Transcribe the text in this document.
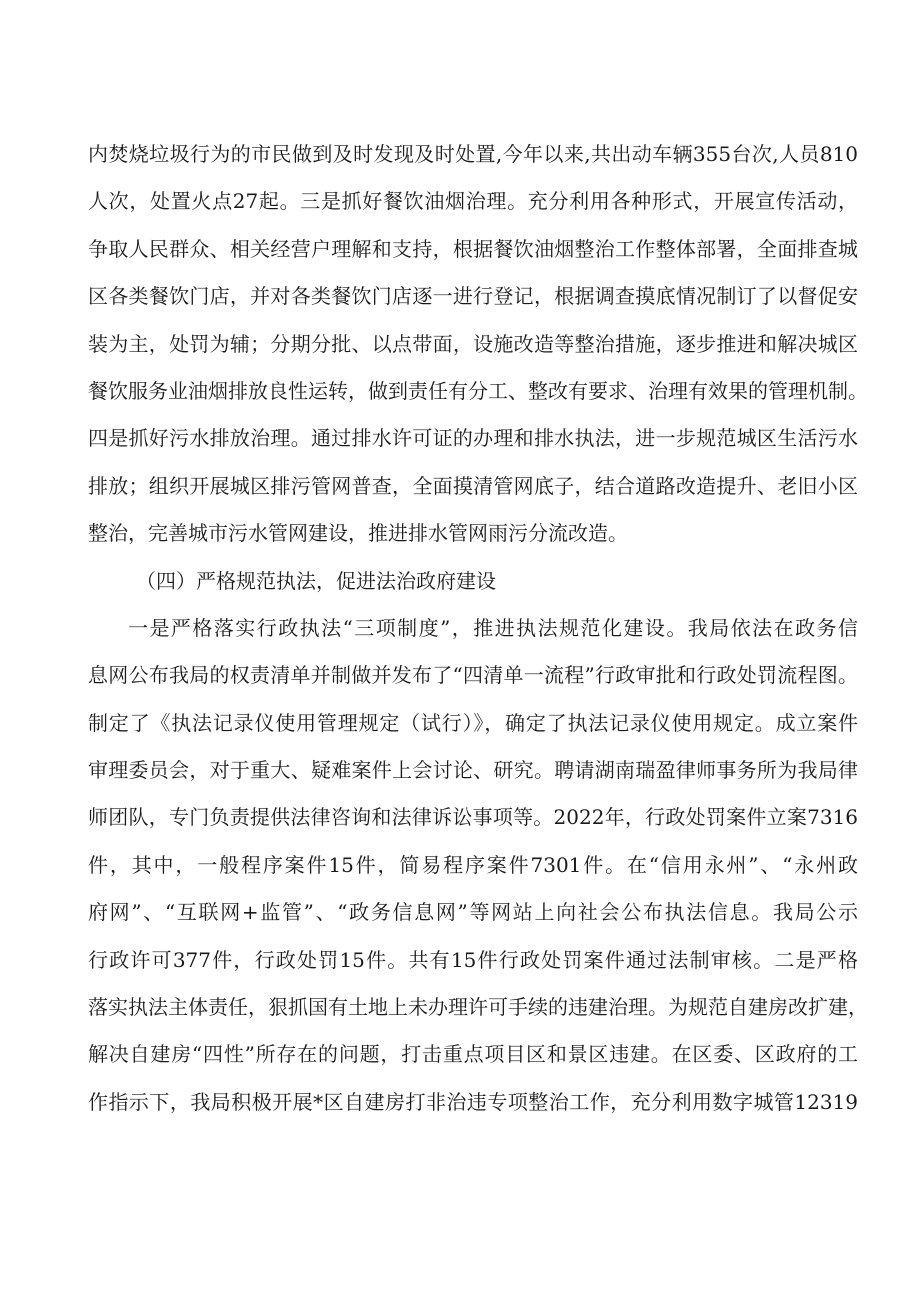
内焚烧垃圾行为的市民做到及时发现及时处置,今年以来,共出动车辆355台次,人员810
人次，处置火点27起。三是抓好餐饮油烟治理。充分利用各种形式，开展宣传活动，
争取人民群众、相关经营户理解和支持，根据餐饮油烟整治工作整体部署，全面排查城
区各类餐饮门店，并对各类餐饮门店逐一进行登记，根据调查摸底情况制订了以督促安
装为主，处罚为辅；分期分批、以点带面，设施改造等整治措施，逐步推进和解决城区
餐饮服务业油烟排放良性运转，做到责任有分工、整改有要求、治理有效果的管理机制。
四是抓好污水排放治理。通过排水许可证的办理和排水执法，进一步规范城区生活污水
排放；组织开展城区排污管网普查，全面摸清管网底子，结合道路改造提升、老旧小区
整治，完善城市污水管网建设，推进排水管网雨污分流改造。
（四）严格规范执法，促进法治政府建设
一是严格落实行政执法“三项制度”，推进执法规范化建设。我局依法在政务信
息网公布我局的权责清单并制做并发布了“四清单一流程”行政审批和行政处罚流程图。
制定了《执法记录仪使用管理规定（试行）》，确定了执法记录仪使用规定。成立案件
审理委员会，对于重大、疑难案件上会讨论、研究。聘请湖南瑞盈律师事务所为我局律
师团队，专门负责提供法律咨询和法律诉讼事项等。2022年，行政处罚案件立案7316
件，其中，一般程序案件15件，简易程序案件7301件。在“信用永州”、“永州政
府网”、“互联网+监管”、“政务信息网”等网站上向社会公布执法信息。我局公示
行政许可377件，行政处罚15件。共有15件行政处罚案件通过法制审核。二是严格
落实执法主体责任，狠抓国有土地上未办理许可手续的违建治理。为规范自建房改扩建，
解决自建房“四性”所存在的问题，打击重点项目区和景区违建。在区委、区政府的工
作指示下，我局积极开展*区自建房打非治违专项整治工作，充分利用数字城管12319
